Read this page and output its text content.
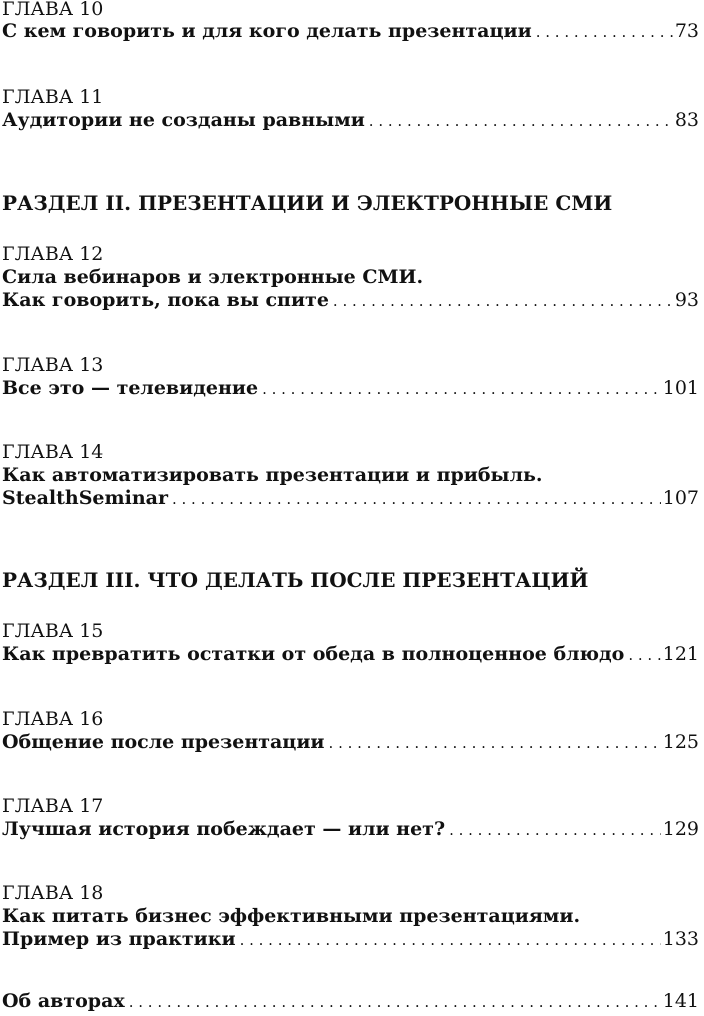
ГЛАВА 10
С кем говорить и для кого делать презентации . . .	73
ГЛАВА 11
Аудитории не созданы равными . . .	83
РАЗДЕЛ II. ПРЕЗЕНТАЦИИ И ЭЛЕКТРОННЫЕ СМИ
ГЛАВА 12
Сила вебинаров и электронные СМИ.
Как говорить, пока вы спите . . .	93
ГЛАВА 13
Все это — телевидение . . .	101
ГЛАВА 14
Как автоматизировать презентации и прибыль.
StealthSeminar . . .	107
РАЗДЕЛ III. ЧТО ДЕЛАТЬ ПОСЛЕ ПРЕЗЕНТАЦИЙ
ГЛАВА 15
Как превратить остатки от обеда в полноценное блюдо . . . 121
ГЛАВА 16
Общение после презентации . . .	125
ГЛАВА 17
Лучшая история побеждает — или нет? . . .	129
ГЛАВА 18
Как питать бизнес эффективными презентациями.
Пример из практики . . .	133
Об авторах . . .	141
